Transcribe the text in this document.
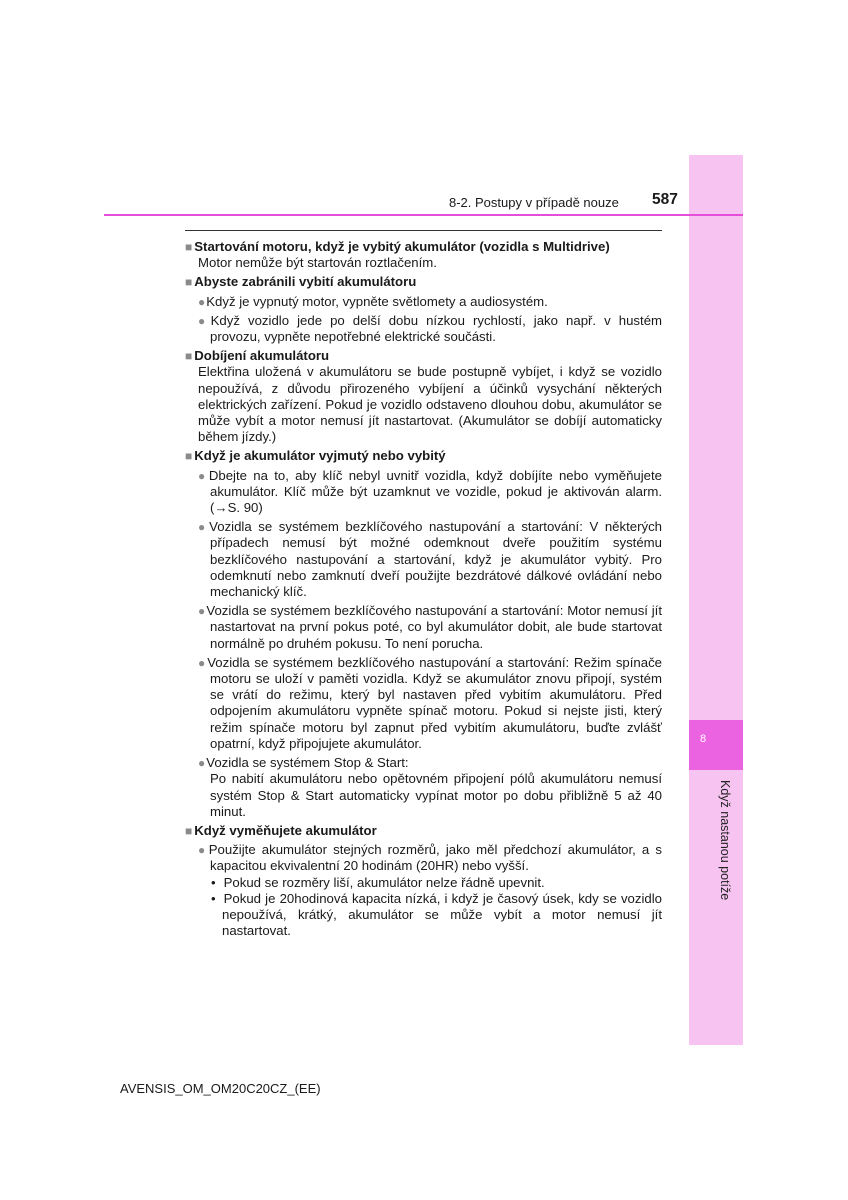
8
Když nastanou potíže
8-2. Postupy v případě nouze 587

■ Startování motoru, když je vybitý akumulátor (vozidla s Multidrive)

Motor nemůže být startován roztlačením.

■ Abyste zabránili vybití akumulátoru

● Když je vypnutý motor, vypněte světlomety a audiosystém.

● Když vozidlo jede po delší dobu nízkou rychlostí, jako např. v hustém provozu, vypněte nepotřebné elektrické součásti.

■ Dobíjení akumulátoru

Elektřina uložená v akumulátoru se bude postupně vybíjet, i když se vozidlo nepoužívá, z důvodu přirozeného vybíjení a účinků vysychání některých elektrických zařízení. Pokud je vozidlo odstaveno dlouhou dobu, akumulátor se může vybít a motor nemusí jít nastartovat. (Akumulátor se dobíjí automaticky během jízdy.)

■ Když je akumulátor vyjmutý nebo vybitý

● Dbejte na to, aby klíč nebyl uvnitř vozidla, když dobíjíte nebo vyměňujete akumulátor. Klíč může být uzamknut ve vozidle, pokud je aktivován alarm. (→S. 90)

● Vozidla se systémem bezklíčového nastupování a startování: V některých případech nemusí být možné odemknout dveře použitím systému bezklíčového nastupování a startování, když je akumulátor vybitý. Pro odemknutí nebo zamknutí dveří použijte bezdrátové dálkové ovládání nebo mechanický klíč.

● Vozidla se systémem bezklíčového nastupování a startování: Motor nemusí jít nastartovat na první pokus poté, co byl akumulátor dobit, ale bude startovat normálně po druhém pokusu. To není porucha.

● Vozidla se systémem bezklíčového nastupování a startování: Režim spínače motoru se uloží v paměti vozidla. Když se akumulátor znovu připojí, systém se vrátí do režimu, který byl nastaven před vybitím akumulátoru. Před odpojením akumulátoru vypněte spínač motoru. Pokud si nejste jisti, který režim spínače motoru byl zapnut před vybitím akumulátoru, buďte zvlášť opatrní, když připojujete akumulátor.

● Vozidla se systémem Stop & Start:

Po nabití akumulátoru nebo opětovném připojení pólů akumulátoru nemusí systém Stop & Start automaticky vypínat motor po dobu přibližně 5 až 40 minut.

■ Když vyměňujete akumulátor

● Použijte akumulátor stejných rozměrů, jako měl předchozí akumulátor, a s kapacitou ekvivalentní 20 hodinám (20HR) nebo vyšší.

• Pokud se rozměry liší, akumulátor nelze řádně upevnit.

• Pokud je 20hodinová kapacita nízká, i když je časový úsek, kdy se vozidlo nepoužívá, krátký, akumulátor se může vybít a motor nemusí jít nastartovat.

AVENSIS_OM_OM20C20CZ_(EE)
